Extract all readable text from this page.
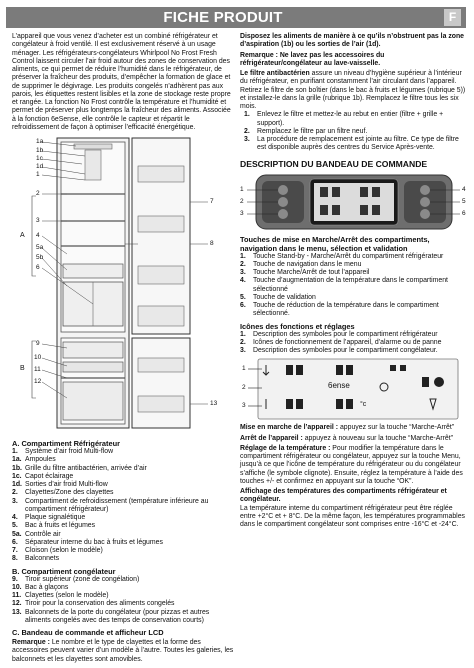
FICHE PRODUIT	F

L’appareil que vous venez d’acheter est un combiné réfrigérateur et congélateur à froid ventilé. Il est exclusivement réservé à un usage ménager. Les réfrigérateurs-congélateurs Whirlpool No Frost Fresh Control laissent circuler l’air froid autour des zones de conservation des aliments, ce qui permet de réduire l’humidité dans le réfrigérateur, de préserver la fraîcheur des produits, d’empêcher la formation de glace et de supprimer le dégivrage. Les produits congelés n’adhèrent pas aux parois, les étiquettes restent lisibles et la zone de stockage reste propre et rangée. La fonction No Frost contrôle la température et l’humidité et permet de préserver plus longtemps la fraîcheur des aliments. Associée à la fonction 6eSense, elle contrôle le capteur et répartit le refroidissement de façon à optimiser l’efficacité énergétique.

1a
1b
1c
1d
1
2
3
4
5a
5b
6
9
10
11
12
7
8
13
A
B
A. Compartiment Réfrigérateur
1.	Système d’air froid Multi-flow
1a. Ampoules
1b. Grille du filtre antibactérien, arrivée d’air
1c. Capot éclairage
1d. Sorties d’air froid Multi-flow
2.	Clayettes/Zone des clayettes
3.	Compartiment de refroidissement (température inférieure au compartiment réfrigérateur)
4.	Plaque signalétique
5.	Bac à fruits et légumes
5a. Contrôle air
6.	Séparateur interne du bac à fruits et légumes
7.	Cloison (selon le modèle)
8.	Balconnets
B. Compartiment congélateur
9.	Tiroir supérieur (zone de congélation)
10. Bac à glaçons
11. Clayettes (selon le modèle)
12. Tiroir pour la conservation des aliments congelés
13. Balconnets de la porte du congélateur (pour pizzas et autres aliments congelés avec des temps de conservation courts)
C. Bandeau de commande et afficheur LCD

Remarque : Le nombre et le type de clayettes et la forme des accessoires peuvent varier d’un modèle à l’autre. Toutes les galeries, les balconnets et les clayettes sont amovibles.

Disposez les aliments de manière à ce qu’ils n’obstruent pas la zone d’aspiration (1b) ou les sorties de l’air (1d).

Remarque : Ne lavez pas les accessoires du réfrigérateur/congélateur au lave-vaisselle.

Le filtre antibactérien assure un niveau d’hygiène supérieur à l’intérieur du réfrigérateur, en purifiant constamment l’air circulant dans l’appareil. Retirez le filtre de son boîtier (dans le bac à fruits et légumes (rubrique 5)) et installez-le dans la grille (rubrique 1b). Remplacez le filtre tous les six mois.

1.	Enlevez le filtre et mettez-le au rebut en entier (filtre + grille + support).
2.	Remplacez le filtre par un filtre neuf.
3.	La procédure de remplacement est jointe au filtre. Ce type de filtre est disponible auprès des centres du Service Après-vente.
DESCRIPTION DU BANDEAU DE COMMANDE
1
2
3
4
5
6
Touches de mise en Marche/Arrêt des compartiments, navigation dans le menu, sélection et validation
1.	Touche Stand-by - Marche/Arrêt du compartiment réfrigérateur
2.	Touche de navigation dans le menu
3.	Touche Marche/Arrêt de tout l’appareil
4.	Touche d’augmentation de la température dans le compartiment sélectionné
5.	Touche de validation
6.	Touche de réduction de la température dans le compartiment sélectionné.
Icônes des fonctions et réglages
1.	Description des symboles pour le compartiment réfrigérateur
2.	Icônes de fonctionnement de l’appareil, d’alarme ou de panne
3.	Description des symboles pour le compartiment congélateur.
1
2
3
6ense
°c

Mise en marche de l’appareil : appuyez sur la touche “Marche-Arrêt”

Arrêt de l’appareil : appuyez à nouveau sur la touche “Marche-Arrêt”

Réglage de la température : Pour modifier la température dans le compartiment réfrigérateur ou congélateur, appuyez sur la touche Menu, jusqu’à ce que l’icône de température du réfrigérateur ou du congélateur s’affiche (le symbole clignote). Ensuite, réglez la température à l’aide des touches +/- et confirmez en appuyant sur la touche “OK”.

Affichage des températures des compartiments réfrigérateur et congélateur.

La température interne du compartiment réfrigérateur peut être réglée entre +2°C et + 8°C. De la même façon, les températures programmables dans le compartiment congélateur sont comprises entre -16°C et -24°C.
